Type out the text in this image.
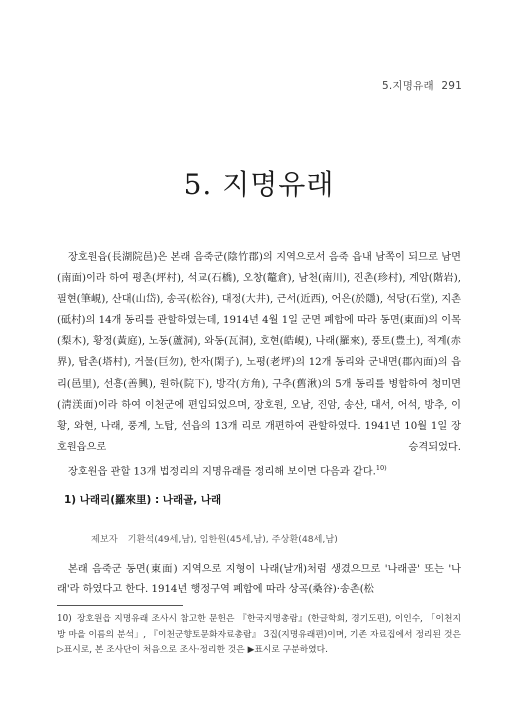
5.지명유래 291
5. 지명유래

장호원읍(長湖院邑)은 본래 음죽군(陰竹郡)의 지역으로서 음죽 읍내 남쪽이 되므로 남면(南面)이라 하여 평촌(坪村), 석교(石橋), 오창(鼇倉), 남천(南川), 진촌(珍村), 계암(階岩), 필현(筆峴), 산대(山岱), 송곡(松谷), 대정(大井), 근서(近西), 어은(於隱), 석당(石堂), 지촌(砥村)의 14개 동리를 관할하였는데, 1914년 4월 1일 군면 폐합에 따라 동면(東面)의 이목(梨木), 황정(黃庭), 노동(蘆洞), 와동(瓦洞), 호현(皓峴), 나래(羅來), 풍토(豊土), 적계(赤界), 탑촌(塔村), 거물(巨勿), 한자(閑子), 노평(老坪)의 12개 동리와 군내면(郡內面)의 읍리(邑里), 선흥(善興), 원하(院下), 방각(方角), 구추(舊湫)의 5개 동리를 병합하여 청미면(淸渼面)이라 하여 이천군에 편입되었으며, 장호원, 오남, 진암, 송산, 대서, 어석, 방추, 이황, 와현, 나래, 풍계, 노탑, 선읍의 13개 리로 개편하여 관할하였다. 1941년 10월 1일 장호원읍으로 승격되었다.

장호원읍 관할 13개 법정리의 지명유래를 정리해 보이면 다음과 같다.$^{10)}$

1) 나래리(羅來里) : 나래골, 나래
제보자 기환석(49세,남), 임한원(45세,남), 주상환(48세,남)

본래 음죽군 동면(東面) 지역으로 지형이 나래(날개)처럼 생겼으므로 '나래골' 또는 '나래'라 하였다고 한다. 1914년 행정구역 폐합에 따라 상곡(桑谷)·송촌(松

10) 장호원읍 지명유래 조사시 참고한 문헌은 『한국지명총람』(한글학회, 경기도편), 이인수, 「이천지방 마을 이름의 분석」, 『이천군향토문화자료총람』 3집(지명유래편)이며, 기존 자료집에서 정리된 것은 ▷표시로, 본 조사단이 처음으로 조사·정리한 것은 ▶표시로 구분하였다.
